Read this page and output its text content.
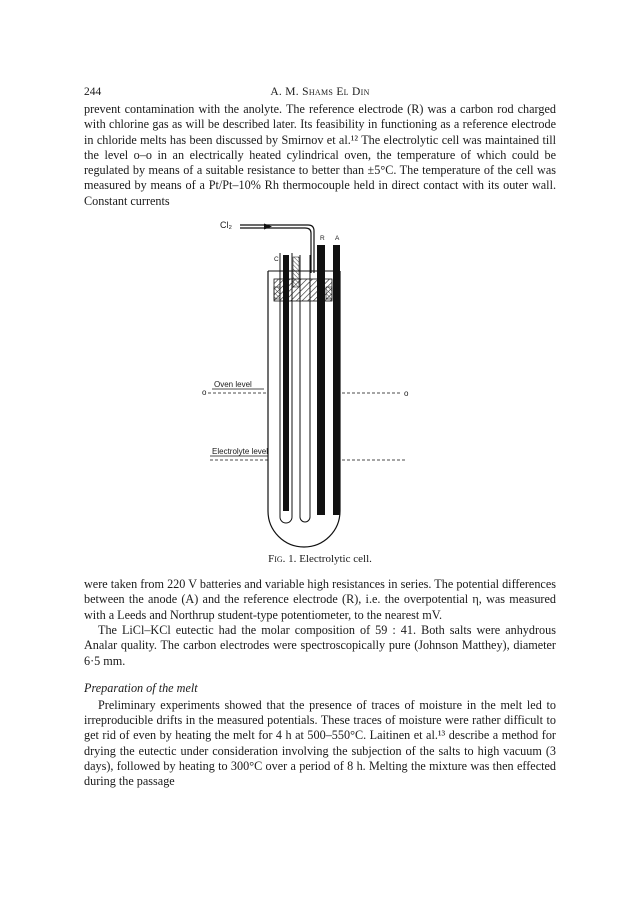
244	A. M. Shams El Din

prevent contamination with the anolyte. The reference electrode (R) was a carbon rod charged with chlorine gas as will be described later. Its feasibility in functioning as a reference electrode in chloride melts has been discussed by Smirnov et al.¹² The electrolytic cell was maintained till the level o–o in an electrically heated cylindrical oven, the temperature of which could be regulated by means of a suitable resistance to better than ±5°C. The temperature of the cell was measured by means of a Pt/Pt–10% Rh thermocouple held in direct contact with its outer wall. Constant currents

Cl₂
R A
C
Oven level
o	o
Electrolyte level
Fig. 1. Electrolytic cell.

were taken from 220 V batteries and variable high resistances in series. The potential differences between the anode (A) and the reference electrode (R), i.e. the overpotential η, was measured with a Leeds and Northrup student-type potentiometer, to the nearest mV.

The LiCl–KCl eutectic had the molar composition of 59 : 41. Both salts were anhydrous Analar quality. The carbon electrodes were spectroscopically pure (Johnson Matthey), diameter 6·5 mm.

Preparation of the melt

Preliminary experiments showed that the presence of traces of moisture in the melt led to irreproducible drifts in the measured potentials. These traces of moisture were rather difficult to get rid of even by heating the melt for 4 h at 500–550°C. Laitinen et al.¹³ describe a method for drying the eutectic under consideration involving the subjection of the salts to high vacuum (3 days), followed by heating to 300°C over a period of 8 h. Melting the mixture was then effected during the passage
